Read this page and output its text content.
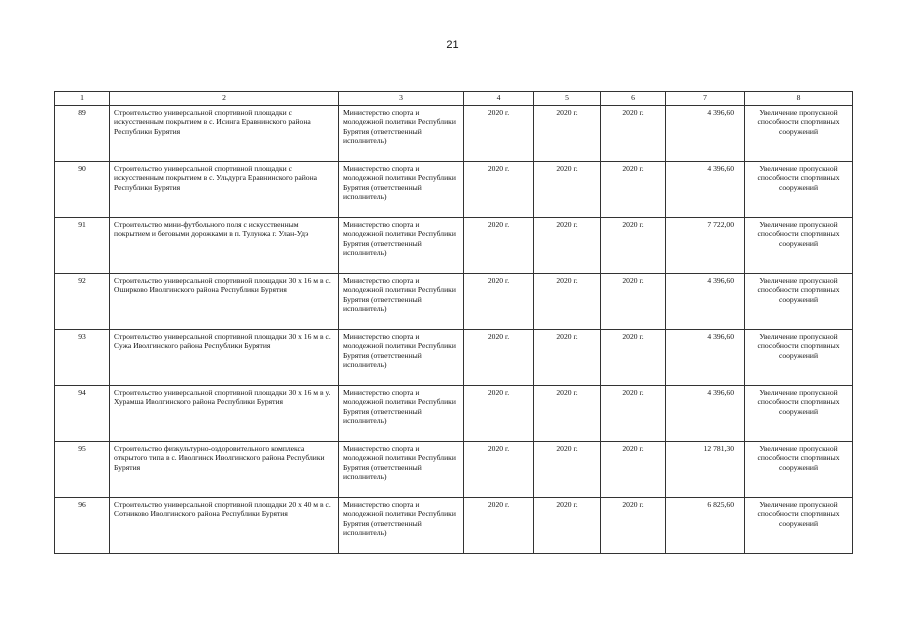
21
1	2	3	4	5	6	7	8
89	Строительство универсальной спортивной площадки с искусственным покрытием в с. Исинга Еравнинского района Республики Бурятия	Министерство спорта и молодежной политики Республики Бурятия (ответственный исполнитель)	2020 г.	2020 г.	2020 г.	4 396,60	Увеличение пропускной способности спортивных сооружений
90	Строительство универсальной спортивной площадки с искусственным покрытием в с. Ульдурга Еравнинского района Республики Бурятия	Министерство спорта и молодежной политики Республики Бурятия (ответственный исполнитель)	2020 г.	2020 г.	2020 г.	4 396,60	Увеличение пропускной способности спортивных сооружений
91	Строительство мини-футбольного поля с искусственным покрытием и беговыми дорожками в п. Тулунжа г. Улан-Удэ	Министерство спорта и молодежной политики Республики Бурятия (ответственный исполнитель)	2020 г.	2020 г.	2020 г.	7 722,00	Увеличение пропускной способности спортивных сооружений
92	Строительство универсальной спортивной площадки 30 х 16 м в с. Оширково Иволгинского района Республики Бурятия	Министерство спорта и молодежной политики Республики Бурятия (ответственный исполнитель)	2020 г.	2020 г.	2020 г.	4 396,60	Увеличение пропускной способности спортивных сооружений
93	Строительство универсальной спортивной площадки 30 х 16 м в с. Сужа Иволгинского района Республики Бурятия	Министерство спорта и молодежной политики Республики Бурятия (ответственный исполнитель)	2020 г.	2020 г.	2020 г.	4 396,60	Увеличение пропускной способности спортивных сооружений
94	Строительство универсальной спортивной площадки 30 х 16 м в у. Хурамша Иволгинского района Республики Бурятия	Министерство спорта и молодежной политики Республики Бурятия (ответственный исполнитель)	2020 г.	2020 г.	2020 г.	4 396,60	Увеличение пропускной способности спортивных сооружений
95	Строительство физкультурно-оздоровительного комплекса открытого типа в с. Иволгинск Иволгинского района Республики Бурятия	Министерство спорта и молодежной политики Республики Бурятия (ответственный исполнитель)	2020 г.	2020 г.	2020 г.	12 781,30	Увеличение пропускной способности спортивных сооружений
96	Строительство универсальной спортивной площадки 20 х 40 м в с. Сотниково Иволгинского района Республики Бурятия	Министерство спорта и молодежной политики Республики Бурятия (ответственный исполнитель)	2020 г.	2020 г.	2020 г.	6 825,60	Увеличение пропускной способности спортивных сооружений
